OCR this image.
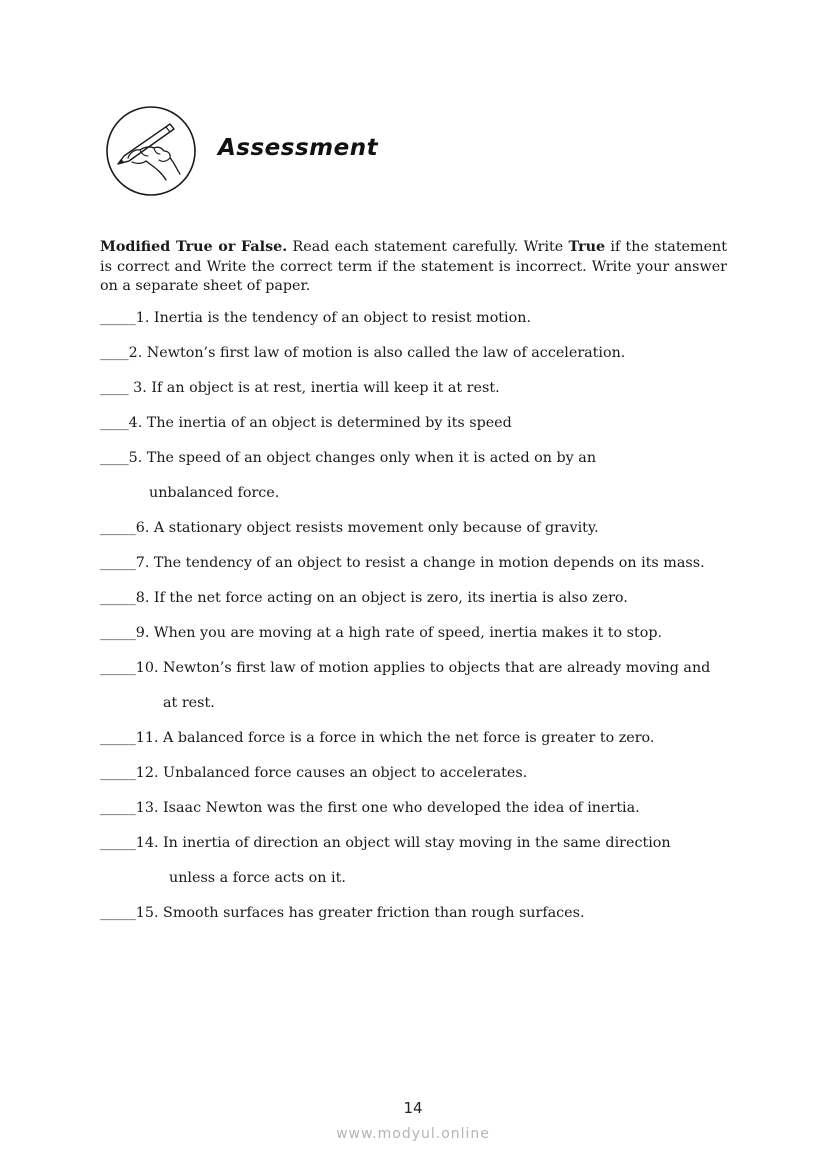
Assessment
Modified True or False. Read each statement carefully. Write True if the statement is correct and Write the correct term if the statement is incorrect. Write your answer on a separate sheet of paper.
_____1. Inertia is the tendency of an object to resist motion.
____2. Newton’s first law of motion is also called the law of acceleration.
____ 3. If an object is at rest, inertia will keep it at rest.
____4. The inertia of an object is determined by its speed
____5. The speed of an object changes only when it is acted on by an
unbalanced force.
_____6. A stationary object resists movement only because of gravity.
_____7. The tendency of an object to resist a change in motion depends on its mass.
_____8. If the net force acting on an object is zero, its inertia is also zero.
_____9. When you are moving at a high rate of speed, inertia makes it to stop.
_____10. Newton’s first law of motion applies to objects that are already moving and
at rest.
_____11. A balanced force is a force in which the net force is greater to zero.
_____12. Unbalanced force causes an object to accelerates.
_____13. Isaac Newton was the first one who developed the idea of inertia.
_____14. In inertia of direction an object will stay moving in the same direction
unless a force acts on it.
_____15. Smooth surfaces has greater friction than rough surfaces.
14
www.modyul.online
